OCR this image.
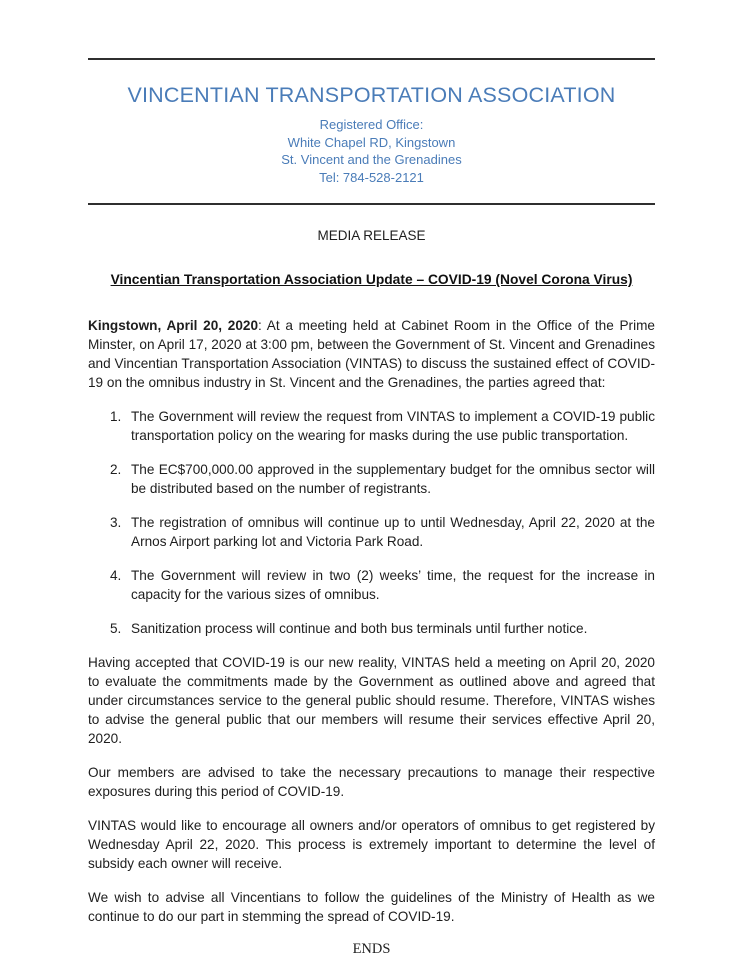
VINCENTIAN TRANSPORTATION ASSOCIATION
Registered Office:
White Chapel RD, Kingstown
St. Vincent and the Grenadines
Tel: 784-528-2121
MEDIA RELEASE
Vincentian Transportation Association Update – COVID-19 (Novel Corona Virus)

Kingstown, April 20, 2020: At a meeting held at Cabinet Room in the Office of the Prime Minster, on April 17, 2020 at 3:00 pm, between the Government of St. Vincent and Grenadines and Vincentian Transportation Association (VINTAS) to discuss the sustained effect of COVID-19 on the omnibus industry in St. Vincent and the Grenadines, the parties agreed that:

1. The Government will review the request from VINTAS to implement a COVID-19 public transportation policy on the wearing for masks during the use public transportation.
2. The EC$700,000.00 approved in the supplementary budget for the omnibus sector will be distributed based on the number of registrants.
3. The registration of omnibus will continue up to until Wednesday, April 22, 2020 at the Arnos Airport parking lot and Victoria Park Road.
4. The Government will review in two (2) weeks’ time, the request for the increase in capacity for the various sizes of omnibus.
5. Sanitization process will continue and both bus terminals until further notice.

Having accepted that COVID-19 is our new reality, VINTAS held a meeting on April 20, 2020 to evaluate the commitments made by the Government as outlined above and agreed that under circumstances service to the general public should resume. Therefore, VINTAS wishes to advise the general public that our members will resume their services effective April 20, 2020.

Our members are advised to take the necessary precautions to manage their respective exposures during this period of COVID-19.

VINTAS would like to encourage all owners and/or operators of omnibus to get registered by Wednesday April 22, 2020. This process is extremely important to determine the level of subsidy each owner will receive.

We wish to advise all Vincentians to follow the guidelines of the Ministry of Health as we continue to do our part in stemming the spread of COVID-19.

ENDS
